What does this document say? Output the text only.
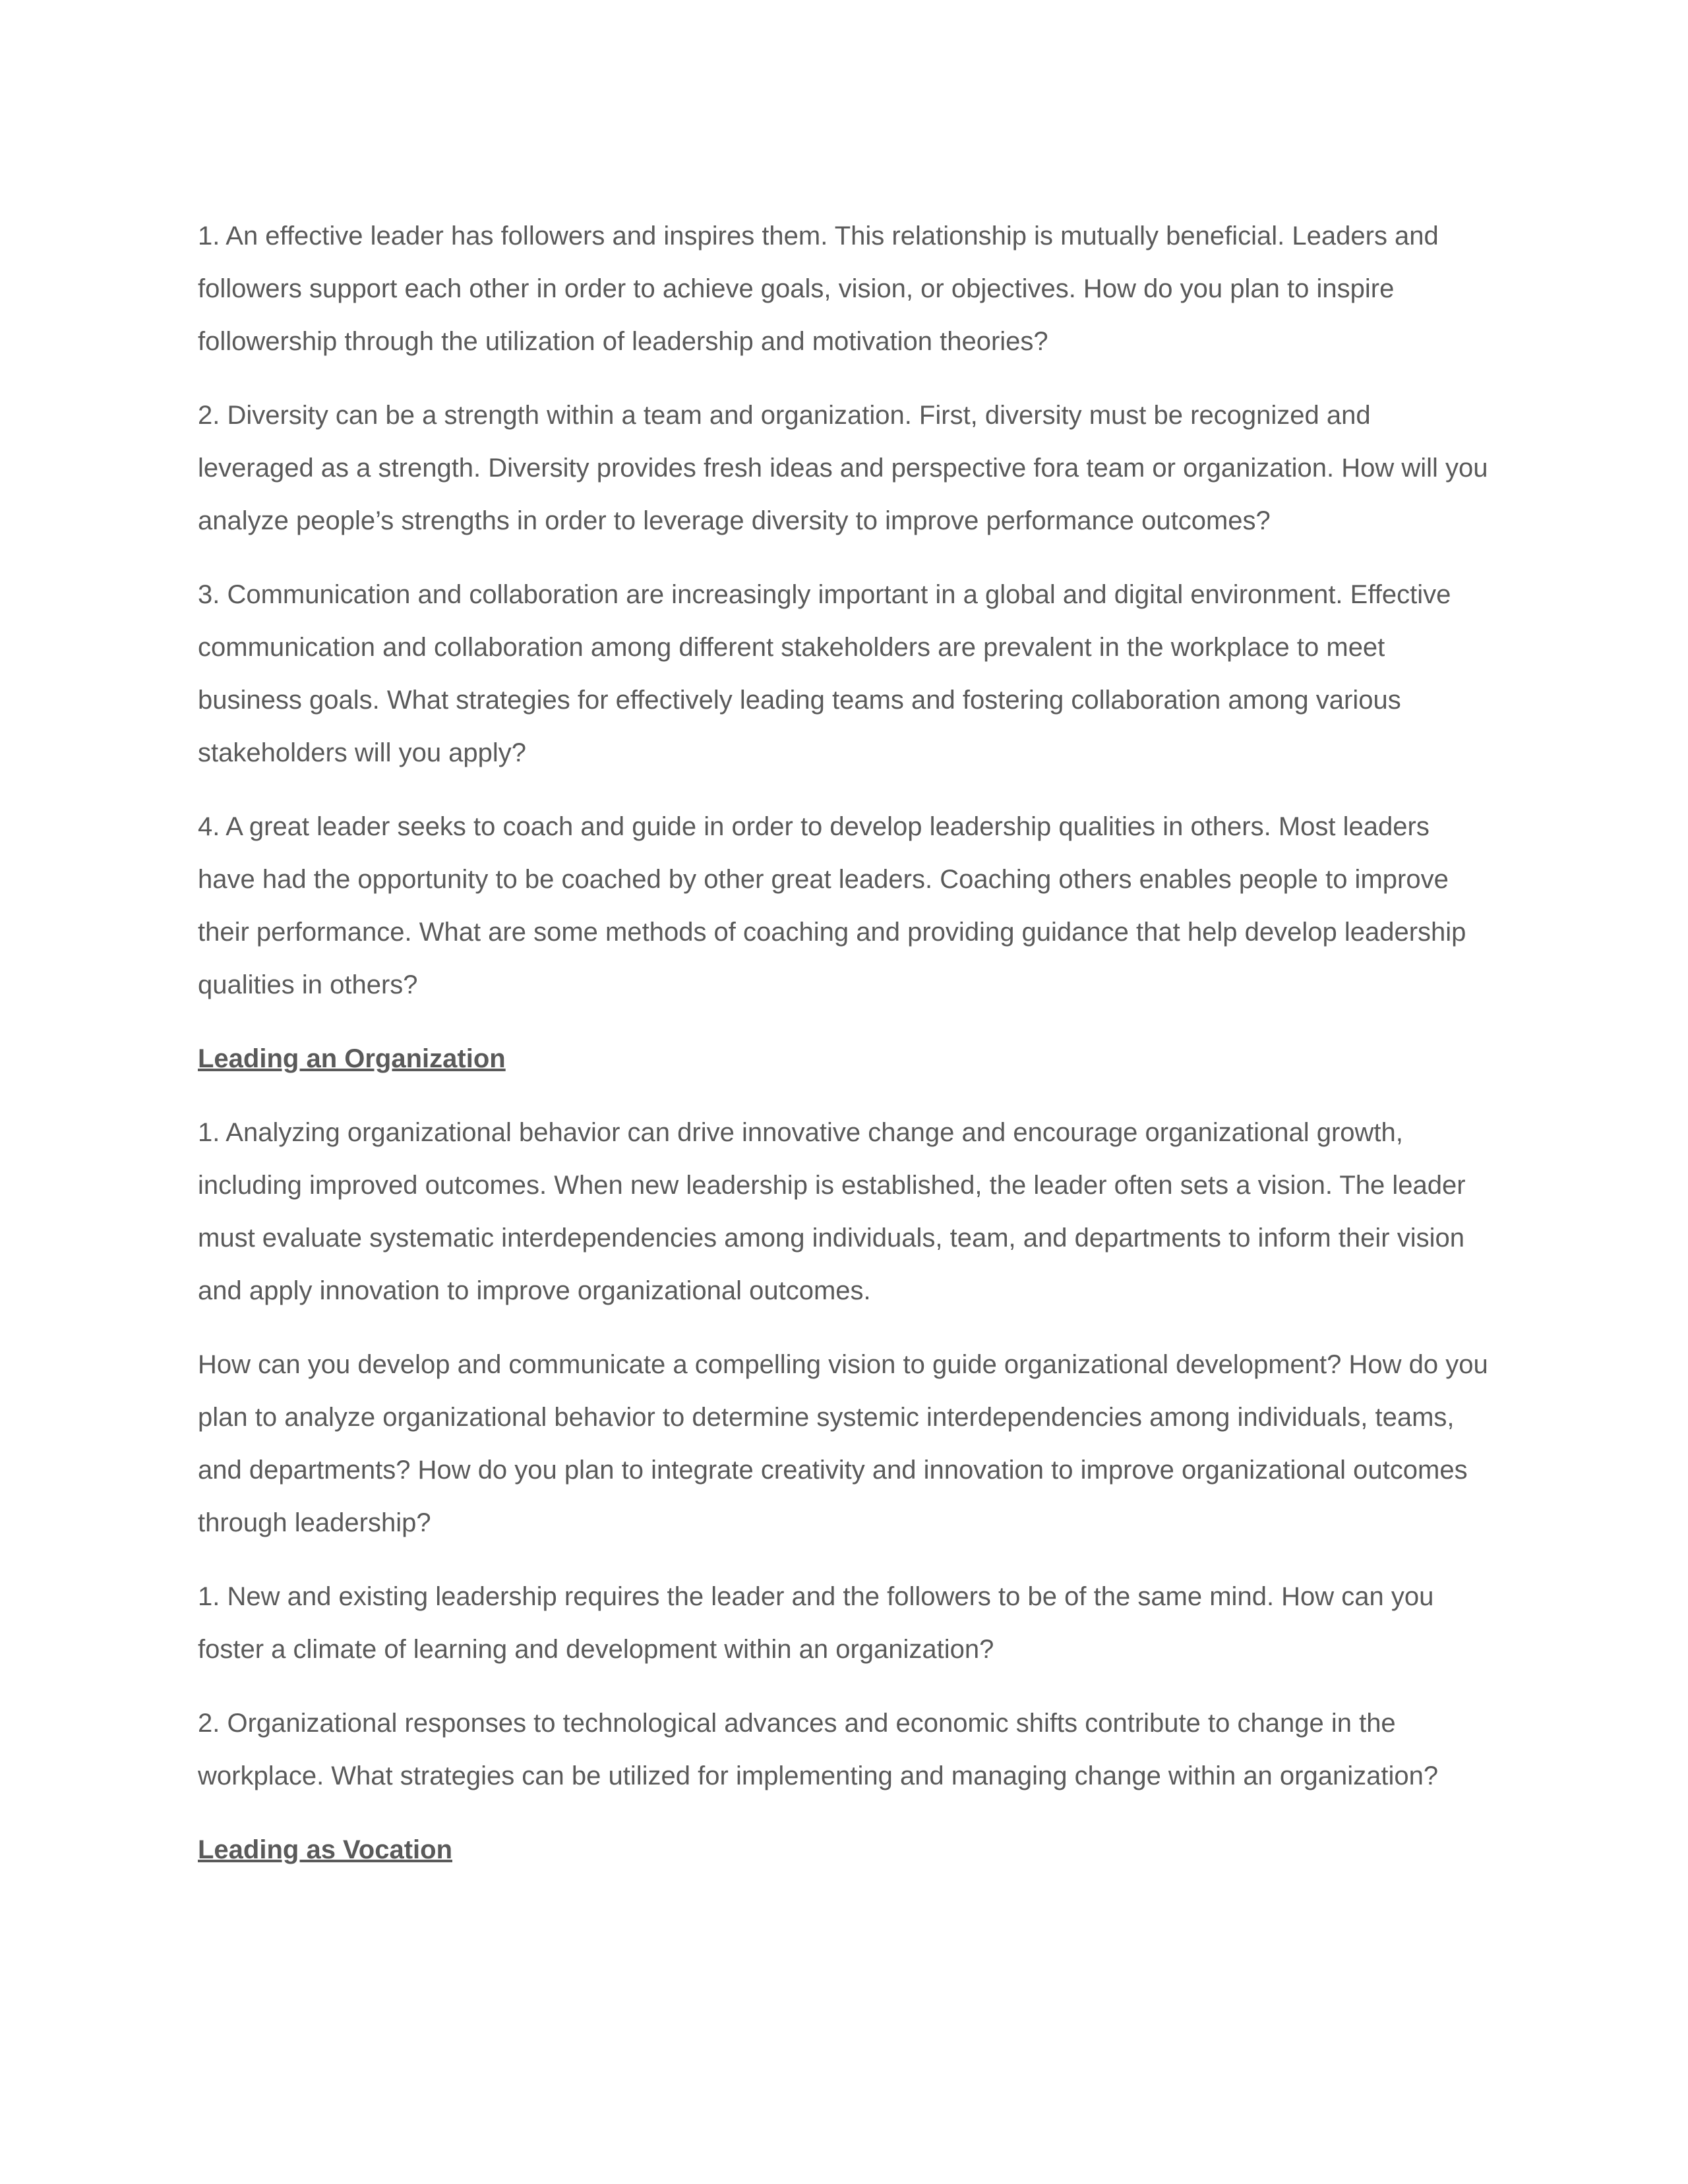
1. An effective leader has followers and inspires them. This relationship is mutually beneficial. Leaders and followers support each other in order to achieve goals, vision, or objectives. How do you plan to inspire followership through the utilization of leadership and motivation theories?

2. Diversity can be a strength within a team and organization. First, diversity must be recognized and leveraged as a strength. Diversity provides fresh ideas and perspective fora team or organization. How will you analyze people’s strengths in order to leverage diversity to improve performance outcomes?

3. Communication and collaboration are increasingly important in a global and digital environment. Effective communication and collaboration among different stakeholders are prevalent in the workplace to meet business goals. What strategies for effectively leading teams and fostering collaboration among various stakeholders will you apply?

4. A great leader seeks to coach and guide in order to develop leadership qualities in others. Most leaders have had the opportunity to be coached by other great leaders. Coaching others enables people to improve their performance. What are some methods of coaching and providing guidance that help develop leadership qualities in others?

Leading an Organization

1. Analyzing organizational behavior can drive innovative change and encourage organizational growth, including improved outcomes. When new leadership is established, the leader often sets a vision. The leader must evaluate systematic interdependencies among individuals, team, and departments to inform their vision and apply innovation to improve organizational outcomes.

How can you develop and communicate a compelling vision to guide organizational development? How do you plan to analyze organizational behavior to determine systemic interdependencies among individuals, teams, and departments? How do you plan to integrate creativity and innovation to improve organizational outcomes through leadership?

1. New and existing leadership requires the leader and the followers to be of the same mind. How can you foster a climate of learning and development within an organization?

2. Organizational responses to technological advances and economic shifts contribute to change in the workplace. What strategies can be utilized for implementing and managing change within an organization?

Leading as Vocation
